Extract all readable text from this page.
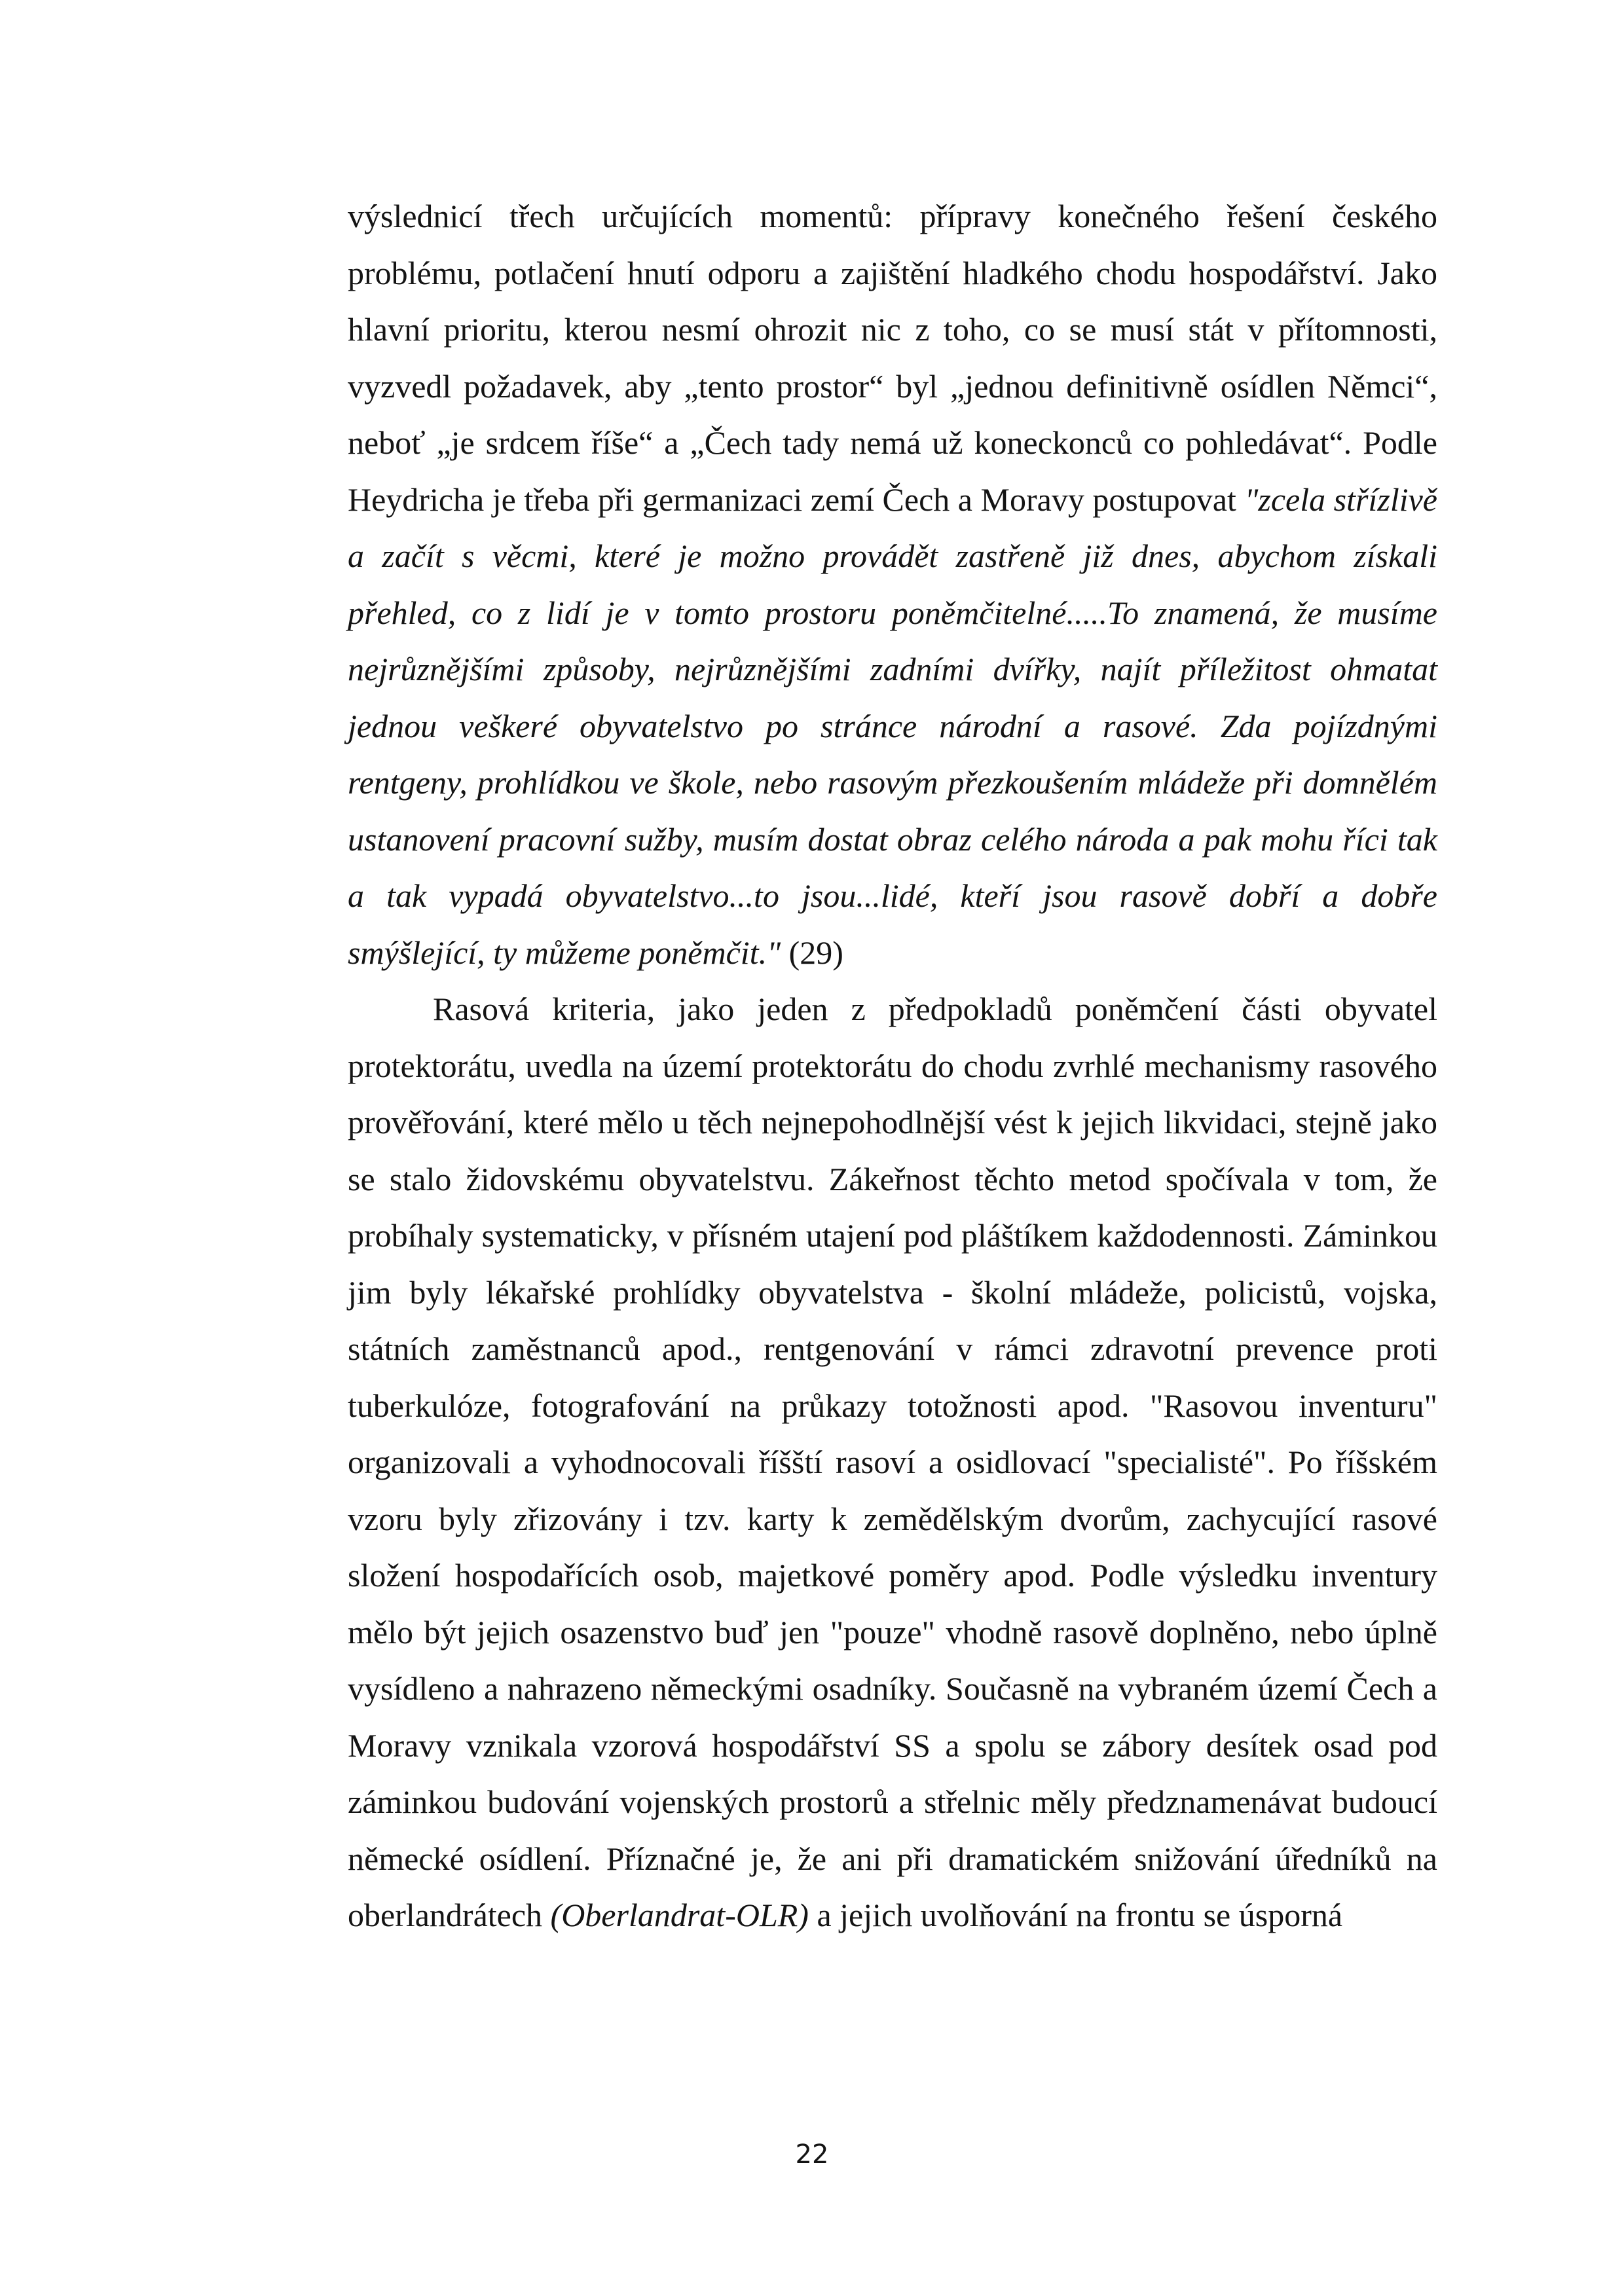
výslednicí třech určujících momentů: přípravy konečného řešení českého problému, potlačení hnutí odporu a zajištění hladkého chodu hospodářství. Jako hlavní prioritu, kterou nesmí ohrozit nic z toho, co se musí stát v přítomnosti, vyzvedl požadavek, aby „tento prostor“ byl „jednou definitivně osídlen Němci“, neboť „je srdcem říše“ a „Čech tady nemá už koneckonců co pohledávat“. Podle Heydricha je třeba při germanizaci zemí Čech a Moravy postupovat "zcela střízlivě a začít s věcmi, které je možno provádět zastřeně již dnes, abychom získali přehled, co z lidí je v tomto prostoru poněmčitelné.....To znamená, že musíme nejrůznějšími způsoby, nejrůznějšími zadními dvířky, najít příležitost ohmatat jednou veškeré obyvatelstvo po stránce národní a rasové. Zda pojízdnými rentgeny, prohlídkou ve škole, nebo rasovým přezkoušením mládeže při domnělém ustanovení pracovní sužby, musím dostat obraz celého národa a pak mohu říci tak a tak vypadá obyvatelstvo...to jsou...lidé, kteří jsou rasově dobří a dobře smýšlející, ty můžeme poněmčit." (29)

Rasová kriteria, jako jeden z předpokladů poněmčení části obyvatel protektorátu, uvedla na území protektorátu do chodu zvrhlé mechanismy rasového prověřování, které mělo u těch nejnepohodlnější vést k jejich likvidaci, stejně jako se stalo židovskému obyvatelstvu. Zákeřnost těchto metod spočívala v tom, že probíhaly systematicky, v přísném utajení pod pláštíkem každodennosti. Záminkou jim byly lékařské prohlídky obyvatelstva - školní mládeže, policistů, vojska, státních zaměstnanců apod., rentgenování v rámci zdravotní prevence proti tuberkulóze, fotografování na průkazy totožnosti apod. "Rasovou inventuru" organizovali a vyhodnocovali říšští rasoví a osidlovací "specialisté". Po říšském vzoru byly zřizovány i tzv. karty k zemědělským dvorům, zachycující rasové složení hospodařících osob, majetkové poměry apod. Podle výsledku inventury mělo být jejich osazenstvo buď jen "pouze" vhodně rasově doplněno, nebo úplně vysídleno a nahrazeno německými osadníky. Současně na vybraném území Čech a Moravy vznikala vzorová hospodářství SS a spolu se zábory desítek osad pod záminkou budování vojenských prostorů a střelnic měly předznamenávat budoucí německé osídlení. Příznačné je, že ani při dramatickém snižování úředníků na oberlandrátech (Oberlandrat-OLR) a jejich uvolňování na frontu se úsporná

22
